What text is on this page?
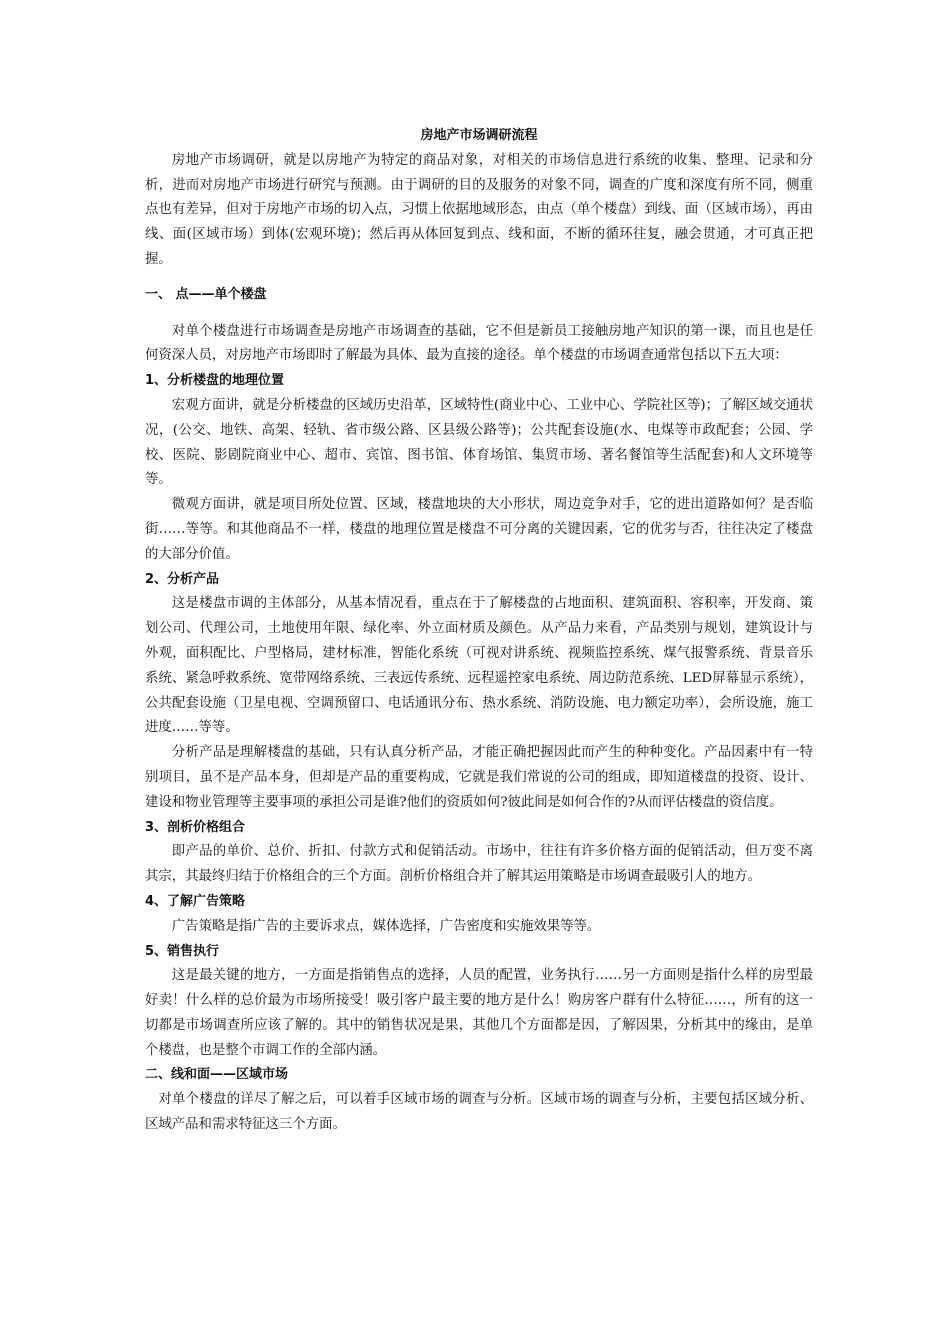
房地产市场调研流程

房地产市场调研，就是以房地产为特定的商品对象，对相关的市场信息进行系统的收集、整理、记录和分析，进而对房地产市场进行研究与预测。由于调研的目的及服务的对象不同，调查的广度和深度有所不同，侧重点也有差异，但对于房地产市场的切入点，习惯上依据地域形态，由点（单个楼盘）到线、面（区域市场），再由线、面(区域市场）到体(宏观环境)；然后再从体回复到点、线和面，不断的循环往复，融会贯通，才可真正把握。

一、 点——单个楼盘

对单个楼盘进行市场调查是房地产市场调查的基础，它不但是新员工接触房地产知识的第一课，而且也是任何资深人员，对房地产市场即时了解最为具体、最为直接的途径。单个楼盘的市场调查通常包括以下五大项：

1、分析楼盘的地理位置

宏观方面讲，就是分析楼盘的区域历史沿革，区域特性(商业中心、工业中心、学院社区等)；了解区域交通状况，(公交、地铁、高架、轻轨、省市级公路、区县级公路等)；公共配套设施(水、电煤等市政配套；公园、学校、医院、影剧院商业中心、超市、宾馆、图书馆、体育场馆、集贸市场、著名餐馆等生活配套)和人文环境等等。

微观方面讲，就是项目所处位置、区域，楼盘地块的大小形状，周边竞争对手，它的进出道路如何？是否临街……等等。和其他商品不一样，楼盘的地理位置是楼盘不可分离的关键因素，它的优劣与否，往往决定了楼盘的大部分价值。

2、分析产品

这是楼盘市调的主体部分，从基本情况看，重点在于了解楼盘的占地面积、建筑面积、容积率，开发商、策划公司、代理公司，土地使用年限、绿化率、外立面材质及颜色。从产品力来看，产品类别与规划，建筑设计与外观，面积配比、户型格局，建材标准，智能化系统（可视对讲系统、视频监控系统、煤气报警系统、背景音乐系统、紧急呼救系统、宽带网络系统、三表远传系统、远程遥控家电系统、周边防范系统、LED屏幕显示系统），公共配套设施（卫星电视、空调预留口、电话通讯分布、热水系统、消防设施、电力额定功率），会所设施，施工进度……等等。

分析产品是理解楼盘的基础，只有认真分析产品，才能正确把握因此而产生的种种变化。产品因素中有一特别项目，虽不是产品本身，但却是产品的重要构成，它就是我们常说的公司的组成，即知道楼盘的投资、设计、建设和物业管理等主要事项的承担公司是谁?他们的资质如何?彼此间是如何合作的?从而评估楼盘的资信度。

3、剖析价格组合

即产品的单价、总价、折扣、付款方式和促销活动。市场中，往往有许多价格方面的促销活动，但万变不离其宗，其最终归结于价格组合的三个方面。剖析价格组合并了解其运用策略是市场调查最吸引人的地方。

4、了解广告策略

广告策略是指广告的主要诉求点，媒体选择，广告密度和实施效果等等。

5、销售执行

这是最关键的地方，一方面是指销售点的选择，人员的配置，业务执行……另一方面则是指什么样的房型最好卖！什么样的总价最为市场所接受！吸引客户最主要的地方是什么！购房客户群有什么特征……，所有的这一切都是市场调查所应该了解的。其中的销售状况是果，其他几个方面都是因，了解因果，分析其中的缘由，是单个楼盘，也是整个市调工作的全部内涵。

二、线和面——区域市场

对单个楼盘的详尽了解之后，可以着手区域市场的调查与分析。区域市场的调查与分析，主要包括区域分析、区域产品和需求特征这三个方面。
